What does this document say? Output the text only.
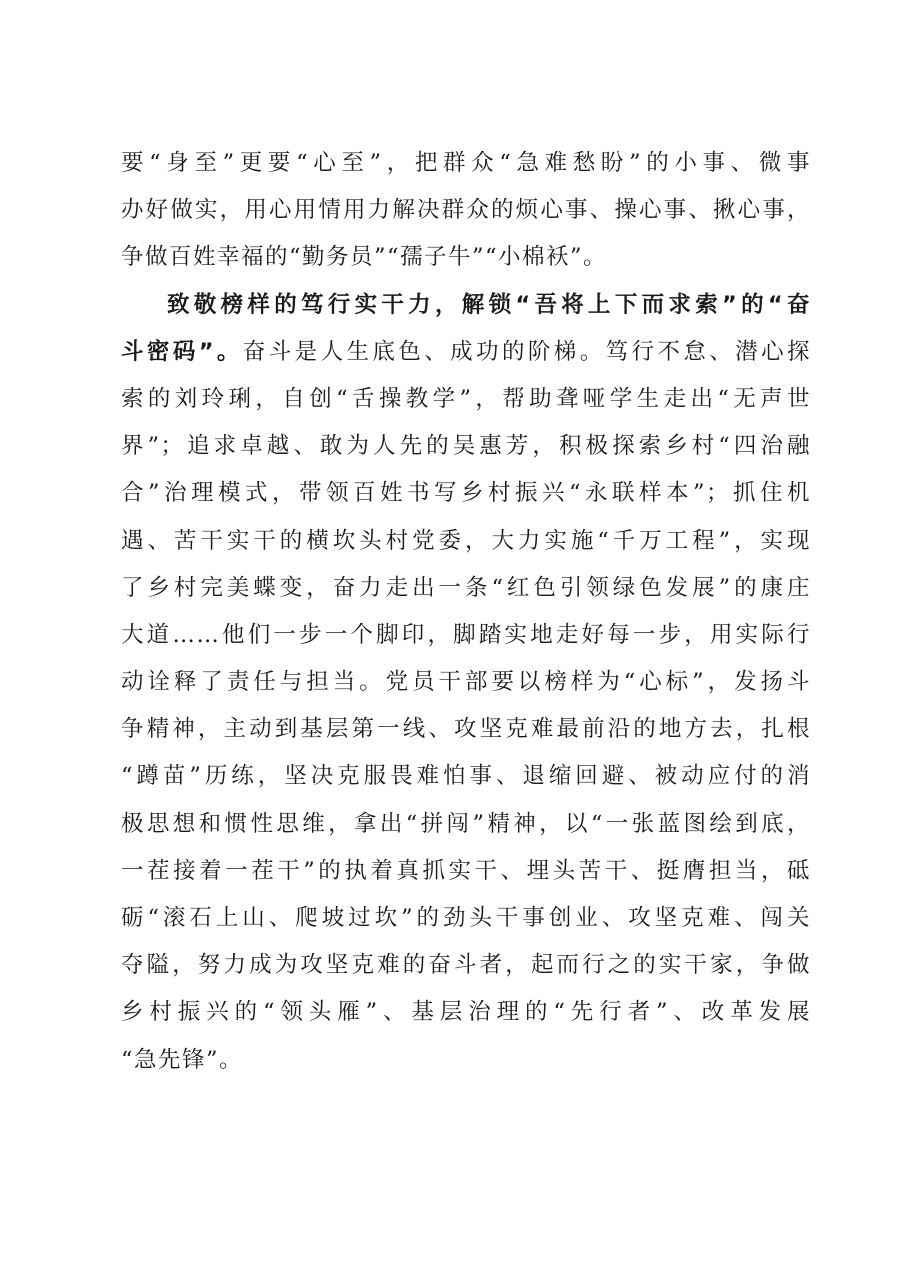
要“身至”更要“心至”，把群众“急难愁盼”的小事、微事
办好做实，用心用情用力解决群众的烦心事、操心事、揪心事，
争做百姓幸福的“勤务员”“孺子牛”“小棉袄”。
致敬榜样的笃行实干力，解锁“吾将上下而求索”的“奋
斗密码”。奋斗是人生底色、成功的阶梯。笃行不怠、潜心探
索的刘玲琍，自创“舌操教学”，帮助聋哑学生走出“无声世
界”；追求卓越、敢为人先的吴惠芳，积极探索乡村“四治融
合”治理模式，带领百姓书写乡村振兴“永联样本”；抓住机
遇、苦干实干的横坎头村党委，大力实施“千万工程”，实现
了乡村完美蝶变，奋力走出一条“红色引领绿色发展”的康庄
大道……他们一步一个脚印，脚踏实地走好每一步，用实际行
动诠释了责任与担当。党员干部要以榜样为“心标”，发扬斗
争精神，主动到基层第一线、攻坚克难最前沿的地方去，扎根
“蹲苗”历练，坚决克服畏难怕事、退缩回避、被动应付的消
极思想和惯性思维，拿出“拼闯”精神，以“一张蓝图绘到底，
一茬接着一茬干”的执着真抓实干、埋头苦干、挺膺担当，砥
砺“滚石上山、爬坡过坎”的劲头干事创业、攻坚克难、闯关
夺隘，努力成为攻坚克难的奋斗者，起而行之的实干家，争做
乡村振兴的“领头雁”、基层治理的“先行者”、改革发展
“急先锋”。
